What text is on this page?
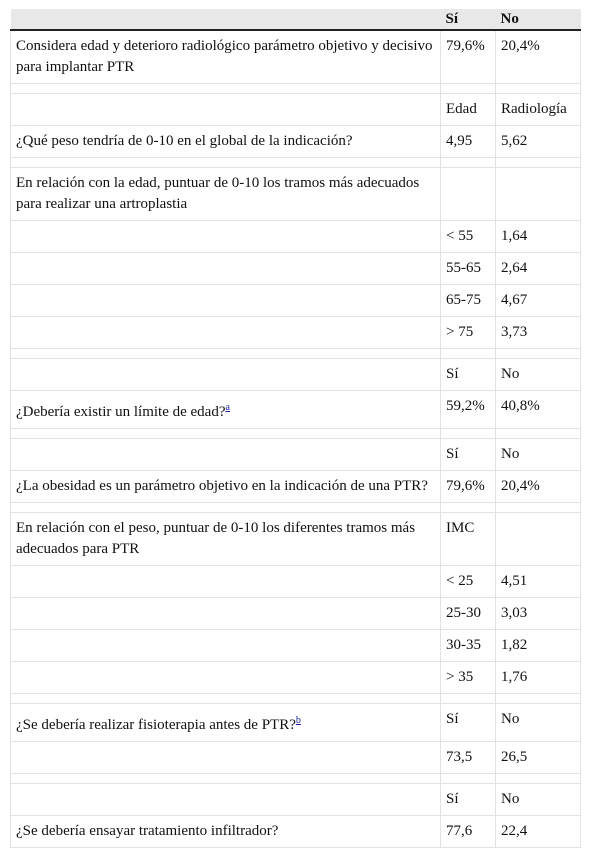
	Sí	No
Considera edad y deterioro radiológico parámetro objetivo y decisivo para implantar PTR	79,6%	20,4%

	Edad	Radiología
¿Qué peso tendría de 0-10 en el global de la indicación?	4,95	5,62

En relación con la edad, puntuar de 0-10 los tramos más adecuados para realizar una artroplastia		
	< 55	1,64
	55-65	2,64
	65-75	4,67
	> 75	3,73

	Sí	No
¿Debería existir un límite de edad?$^a$	59,2%	40,8%

	Sí	No
¿La obesidad es un parámetro objetivo en la indicación de una PTR?	79,6%	20,4%

En relación con el peso, puntuar de 0-10 los diferentes tramos más adecuados para PTR	IMC	
	< 25	4,51
	25-30	3,03
	30-35	1,82
	> 35	1,76

¿Se debería realizar fisioterapia antes de PTR?$^b$	Sí	No
	73,5	26,5

	Sí	No
¿Se debería ensayar tratamiento infiltrador?	77,6	22,4
